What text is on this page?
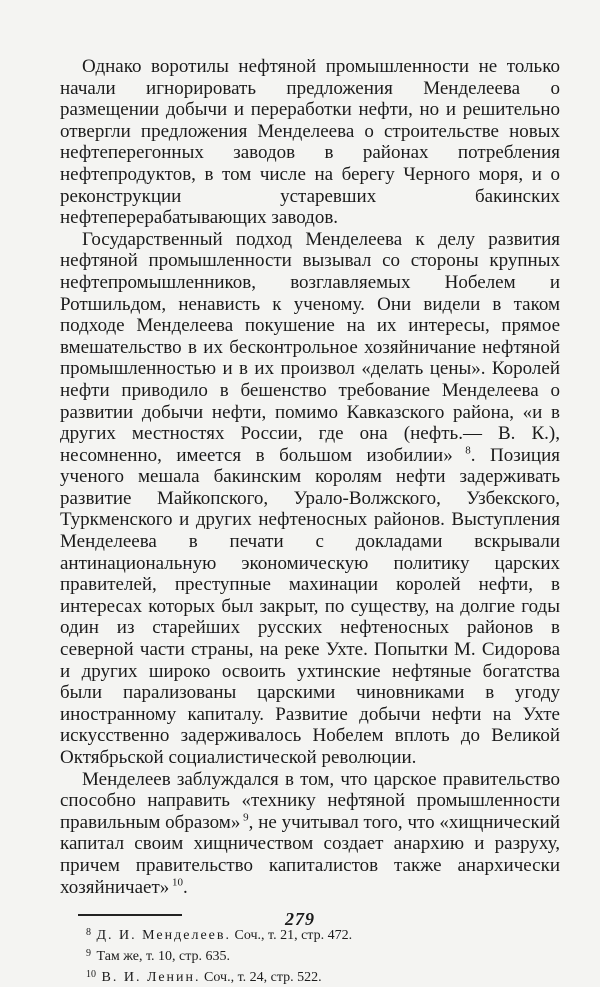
Однако воротилы нефтяной промышленности не только начали игнорировать предложения Менделеева о размещении добычи и переработки нефти, но и решительно отвергли предложения Менделеева о строительстве новых нефтеперегонных заводов в районах потребления нефтепродуктов, в том числе на берегу Черного моря, и о реконструкции устаревших бакинских нефтеперерабатывающих заводов.

Государственный подход Менделеева к делу развития нефтяной промышленности вызывал со стороны крупных нефтепромышленников, возглавляемых Нобелем и Ротшильдом, ненависть к ученому. Они видели в таком подходе Менделеева покушение на их интересы, прямое вмешательство в их бесконтрольное хозяйничание нефтяной промышленностью и в их произвол «делать цены». Королей нефти приводило в бешенство требование Менделеева о развитии добычи нефти, помимо Кавказского района, «и в других местностях России, где она (нефть.— В. К.), несомненно, имеется в большом изобилии» $^8$. Позиция ученого мешала бакинским королям нефти задерживать развитие Майкопского, Урало-Волжского, Узбекского, Туркменского и других нефтеносных районов. Выступления Менделеева в печати с докладами вскрывали антинациональную экономическую политику царских правителей, преступные махинации королей нефти, в интересах которых был закрыт, по существу, на долгие годы один из старейших русских нефтеносных районов в северной части страны, на реке Ухте. Попытки М. Сидорова и других широко освоить ухтинские нефтяные богатства были парализованы царскими чиновниками в угоду иностранному капиталу. Развитие добычи нефти на Ухте искусственно задерживалось Нобелем вплоть до Великой Октябрьской социалистической революции.

Менделеев заблуждался в том, что царское правительство способно направить «технику нефтяной промышленности правильным образом» $^9$, не учитывал того, что «хищнический капитал своим хищничеством создает анархию и разруху, причем правительство капиталистов также анархически хозяйничает» $^{10}$.

$^8$ Д. И. Менделеев. Соч., т. 21, стр. 472.
$^9$ Там же, т. 10, стр. 635.
$^{10}$ В. И. Ленин. Соч., т. 24, стр. 522.
279
